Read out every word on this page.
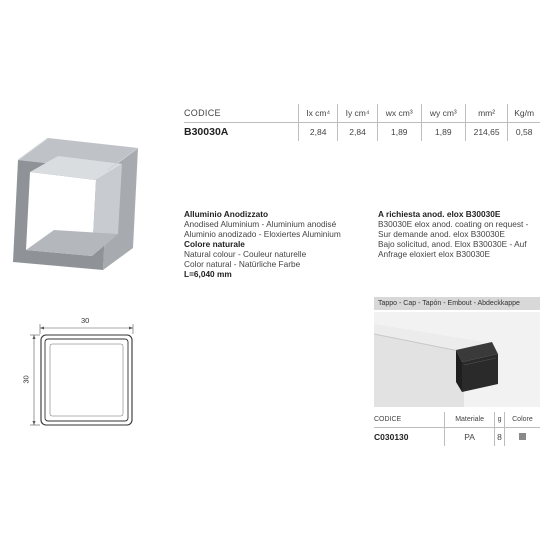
CODICE	Ix cm⁴	Iy cm⁴	wx cm³	wy cm³	mm²	Kg/m
B30030A	2,84	2,84	1,89	1,89	214,65	0,58
Alluminio Anodizzato
Anodised Aluminium - Aluminium anodisé
Aluminio anodizado - Eloxiertes Aluminium
Colore naturale
Natural colour - Couleur naturelle
Color natural - Natürliche Farbe
L=6,040 mm
A richiesta anod. elox B30030E
B30030E elox anod. coating on request -
Sur demande anod. elox B30030E
Bajo solicitud, anod. Elox B30030E - Auf
Anfrage eloxiert elox B30030E
30
30
Tappo - Cap - Tapón - Embout - Abdeckkappe
CODICE	Materiale	g	Colore
C030130	PA	8	
